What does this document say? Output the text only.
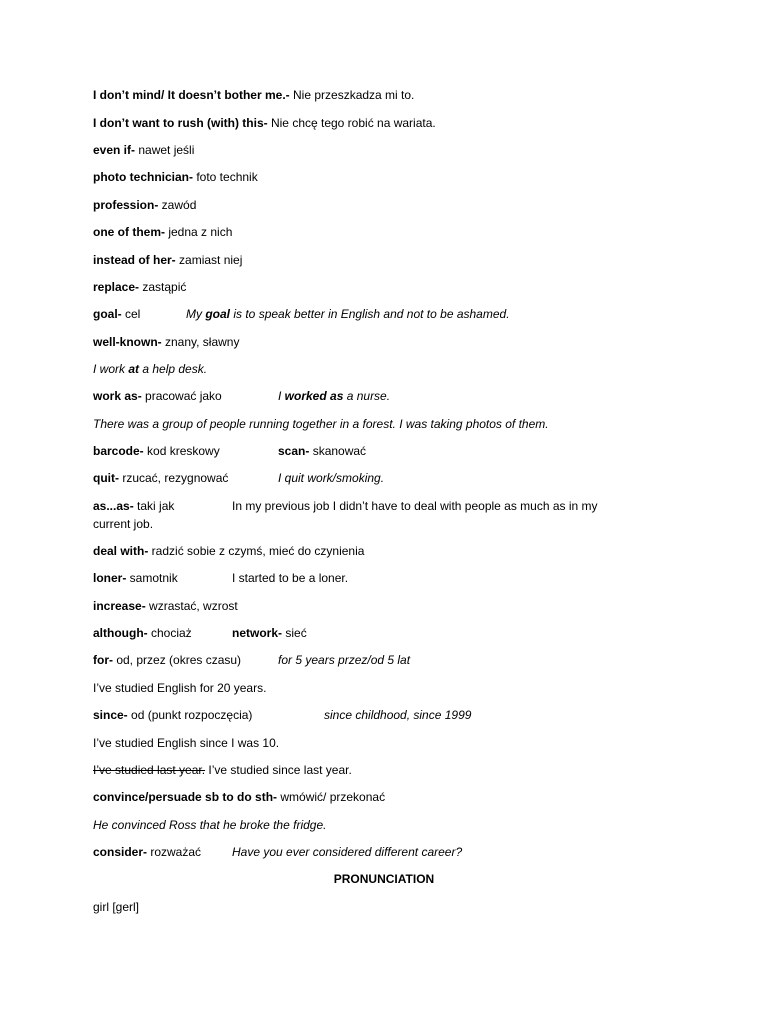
I don’t mind/ It doesn’t bother me.- Nie przeszkadza mi to.
I don’t want to rush (with) this- Nie chcę tego robić na wariata.
even if- nawet jeśli
photo technician- foto technik
profession- zawód
one of them- jedna z nich
instead of her- zamiast niej
replace- zastąpić
goal- cel	My goal is to speak better in English and not to be ashamed.
well-known- znany, sławny
I work at a help desk.
work as- pracować jako	I worked as a nurse.
There was a group of people running together in a forest. I was taking photos of them.
barcode- kod kreskowy	scan- skanować
quit- rzucać, rezygnować	I quit work/smoking.
as...as- taki jak	In my previous job I didn’t have to deal with people as much as in my
current job.
deal with- radzić sobie z czymś, mieć do czynienia
loner- samotnik	I started to be a loner.
increase- wzrastać, wzrost
although- chociaż	network- sieć
for- od, przez (okres czasu)	for 5 years przez/od 5 lat
I’ve studied English for 20 years.
since- od (punkt rozpoczęcia)	since childhood, since 1999
I’ve studied English since I was 10.
I’ve studied last year. I’ve studied since last year.
convince/persuade sb to do sth- wmówić/ przekonać
He convinced Ross that he broke the fridge.
consider- rozważać	Have you ever considered different career?
PRONUNCIATION
girl [gerl]
